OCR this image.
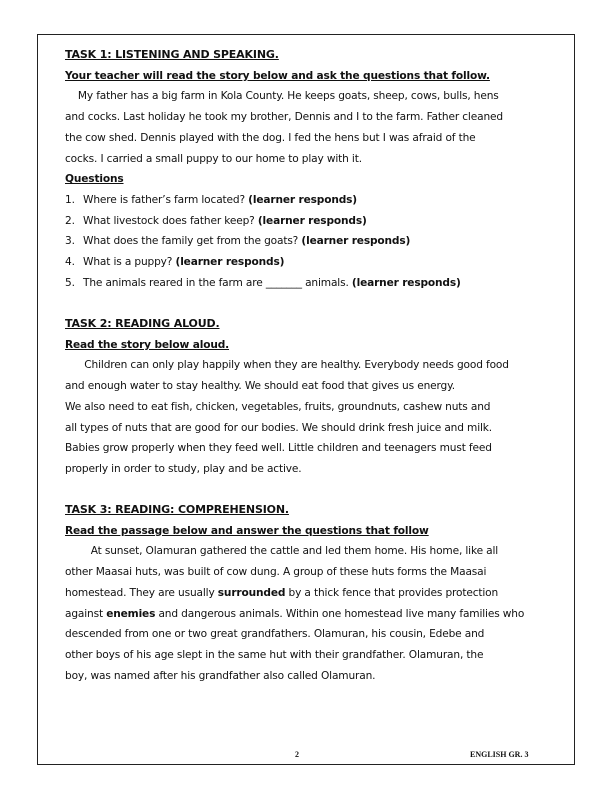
TASK 1: LISTENING AND SPEAKING.
Your teacher will read the story below and ask the questions that follow.
My father has a big farm in Kola County. He keeps goats, sheep, cows, bulls, hens
and cocks. Last holiday he took my brother, Dennis and I to the farm. Father cleaned
the cow shed. Dennis played with the dog. I fed the hens but I was afraid of the
cocks. I carried a small puppy to our home to play with it.
Questions
1. Where is father’s farm located? (learner responds)
2. What livestock does father keep? (learner responds)
3. What does the family get from the goats? (learner responds)
4. What is a puppy? (learner responds)
5. The animals reared in the farm are _______ animals. (learner responds)
TASK 2: READING ALOUD.
Read the story below aloud.
Children can only play happily when they are healthy. Everybody needs good food
and enough water to stay healthy. We should eat food that gives us energy.
We also need to eat fish, chicken, vegetables, fruits, groundnuts, cashew nuts and
all types of nuts that are good for our bodies. We should drink fresh juice and milk.
Babies grow properly when they feed well. Little children and teenagers must feed
properly in order to study, play and be active.
TASK 3: READING: COMPREHENSION.
Read the passage below and answer the questions that follow
At sunset, Olamuran gathered the cattle and led them home. His home, like all
other Maasai huts, was built of cow dung. A group of these huts forms the Maasai
homestead. They are usually surrounded by a thick fence that provides protection
against enemies and dangerous animals. Within one homestead live many families who
descended from one or two great grandfathers. Olamuran, his cousin, Edebe and
other boys of his age slept in the same hut with their grandfather. Olamuran, the
boy, was named after his grandfather also called Olamuran.
2	ENGLISH GR. 3
